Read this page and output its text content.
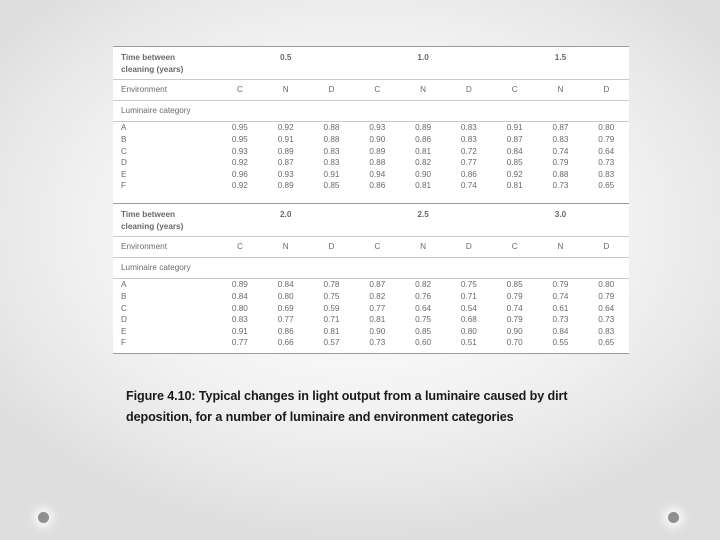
Time between
cleaning (years)	0.5			1.0			1.5		
Environment	C	N	D	C	N	D	C	N	D
Luminaire category									
A	0.95	0.92	0.88	0.93	0.89	0.83	0.91	0.87	0.80
B	0.95	0.91	0.88	0.90	0.86	0.83	0.87	0.83	0.79
C	0.93	0.89	0.83	0.89	0.81	0.72	0.84	0.74	0.64
D	0.92	0.87	0.83	0.88	0.82	0.77	0.85	0.79	0.73
E	0.96	0.93	0.91	0.94	0.90	0.86	0.92	0.88	0.83
F	0.92	0.89	0.85	0.86	0.81	0.74	0.81	0.73	0.65

Time between
cleaning (years)	2.0			2.5			3.0		
Environment	C	N	D	C	N	D	C	N	D
Luminaire category									
A	0.89	0.84	0.78	0.87	0.82	0.75	0.85	0.79	0.80
B	0.84	0.80	0.75	0.82	0.76	0.71	0.79	0.74	0.79
C	0.80	0.69	0.59	0.77	0.64	0.54	0.74	0.61	0.64
D	0.83	0.77	0.71	0.81	0.75	0.68	0.79	0.73	0.73
E	0.91	0.86	0.81	0.90	0.85	0.80	0.90	0.84	0.83
F	0.77	0.66	0.57	0.73	0.60	0.51	0.70	0.55	0.65
Figure 4.10: Typical changes in light output from a luminaire caused by dirt deposition, for a number of luminaire and environment categories
